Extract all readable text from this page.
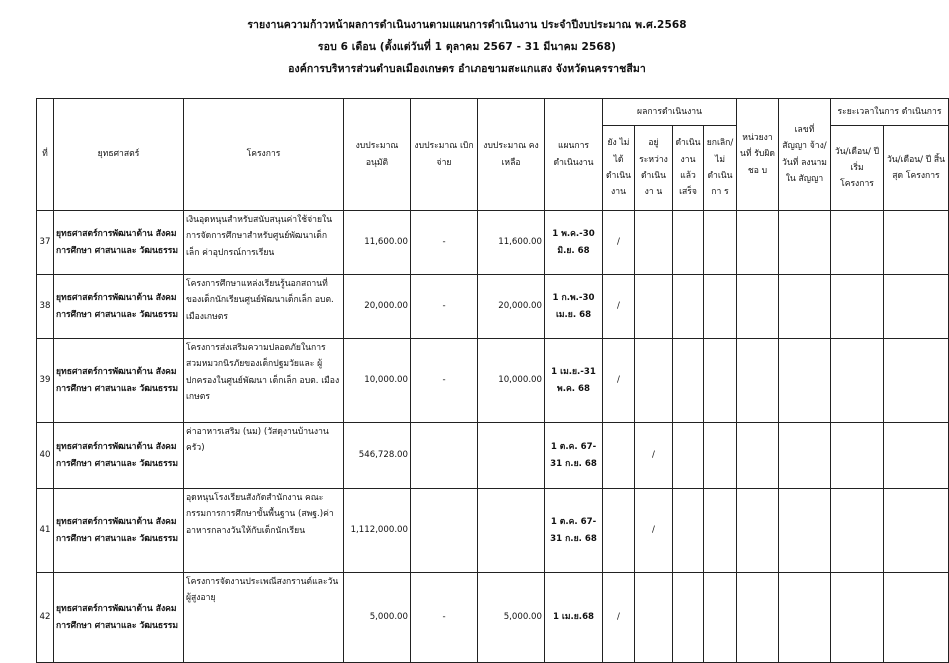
รายงานความก้าวหน้าผลการดำเนินงานตามแผนการดำเนินงาน ประจำปีงบประมาณ พ.ศ.2568
รอบ 6 เดือน (ตั้งแต่วันที่ 1 ตุลาคม 2567 - 31 มีนาคม 2568)
องค์การบริหารส่วนตำบลเมืองเกษตร อำเภอขามสะแกแสง จังหวัดนครราชสีมา
ที่	ยุทธศาสตร์	โครงการ	งบประมาณ อนุมัติ	งบประมาณ เบิกจ่าย	งบประมาณ คงเหลือ	แผนการ ดำเนินงาน	ผลการดำเนินงาน				หน่วยงา นที่ รับผิดชอ บ	เลขที่ สัญญา จ้าง/วันที่ ลงนามใน สัญญา	ระยะเวลาในการ ดำเนินการ	
							ยัง ไม่ได้ ดำเนิน งาน	อยู่ ระหว่าง ดำเนินงา น	ดำเนิน งาน แล้ว เสร็จ	ยกเลิก/ ไม่ ดำเนินกา ร			วัน/เดือน/ ปี เริ่ม โครงการ	วัน/เดือน/ ปี สิ้นสุด โครงการ
37	ยุทธศาสตร์การพัฒนาด้าน สังคม การศึกษา ศาสนาและ วัฒนธรรม	เงินอุดหนุนสำหรับสนับสนุนค่าใช้จ่ายใน การจัดการศึกษาสำหรับศูนย์พัฒนาเด็ก เล็ก ค่าอุปกรณ์การเรียน	11,600.00	-	11,600.00	1 พ.ค.-30 มิ.ย. 68	/							
38	ยุทธศาสตร์การพัฒนาด้าน สังคม การศึกษา ศาสนาและ วัฒนธรรม	โครงการศึกษาแหล่งเรียนรู้นอกสถานที่ ของเด็กนักเรียนศูนย์พัฒนาเด็กเล็ก อบต. เมืองเกษตร	20,000.00	-	20,000.00	1 ก.พ.-30 เม.ย. 68	/							
39	ยุทธศาสตร์การพัฒนาด้าน สังคม การศึกษา ศาสนาและ วัฒนธรรม	โครงการส่งเสริมความปลอดภัยในการ สวมหมวกนิรภัยของเด็กปฐมวัยและ ผู้ปกครองในศูนย์พัฒนา เด็กเล็ก อบต. เมืองเกษตร	10,000.00	-	10,000.00	1 เม.ย.-31 พ.ค. 68	/							
40	ยุทธศาสตร์การพัฒนาด้าน สังคม การศึกษา ศาสนาและ วัฒนธรรม	ค่าอาหารเสริม (นม) (วัสดุงานบ้านงาน ครัว)	546,728.00			1 ต.ค. 67-31 ก.ย. 68		/						
41	ยุทธศาสตร์การพัฒนาด้าน สังคม การศึกษา ศาสนาและ วัฒนธรรม	อุดหนุนโรงเรียนสังกัดสำนักงาน คณะกรรมการการศึกษาขั้นพื้นฐาน (สพฐ.)ค่าอาหารกลางวันให้กับเด็กนักเรียน	1,112,000.00			1 ต.ค. 67-31 ก.ย. 68		/						
42	ยุทธศาสตร์การพัฒนาด้าน สังคม การศึกษา ศาสนาและ วัฒนธรรม	โครงการจัดงานประเพณีสงกรานต์และวัน ผู้สูงอายุ	5,000.00	-	5,000.00	1 เม.ย.68	/							
